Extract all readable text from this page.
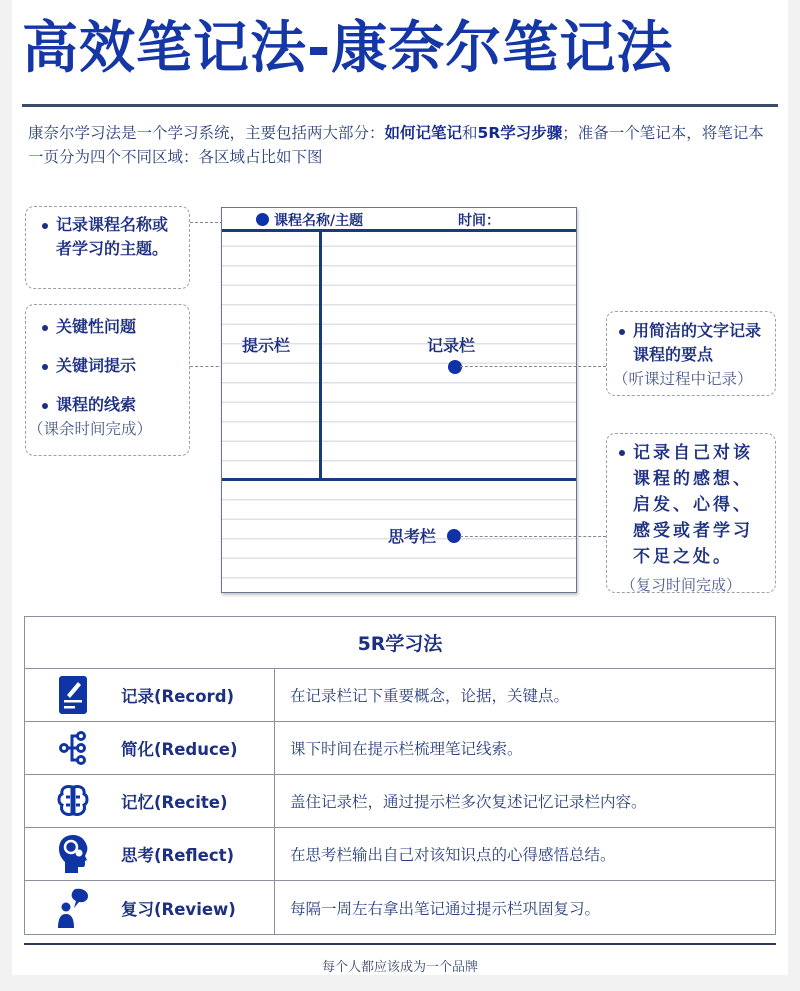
高效笔记法-康奈尔笔记法

康奈尔学习法是一个学习系统，主要包括两大部分：如何记笔记和5R学习步骤；准备一个笔记本，将笔记本一页分为四个不同区域：各区域占比如下图

记录课程名称或者学习的主题。
关键性问题
关键词提示
课程的线索
（课余时间完成）
课程名称/主题	时间：
提示栏	记录栏
思考栏
用简洁的文字记录课程的要点
（听课过程中记录）
记录自己对该课程的感想、启发、心得、感受或者学习不足之处。
（复习时间完成）
5R学习法
记录(Record)	在记录栏记下重要概念，论据，关键点。
简化(Reduce)	课下时间在提示栏梳理笔记线索。
记忆(Recite)	盖住记录栏，通过提示栏多次复述记忆记录栏内容。
思考(Reflect)	在思考栏输出自己对该知识点的心得感悟总结。
复习(Review)	每隔一周左右拿出笔记通过提示栏巩固复习。
每个人都应该成为一个品牌
